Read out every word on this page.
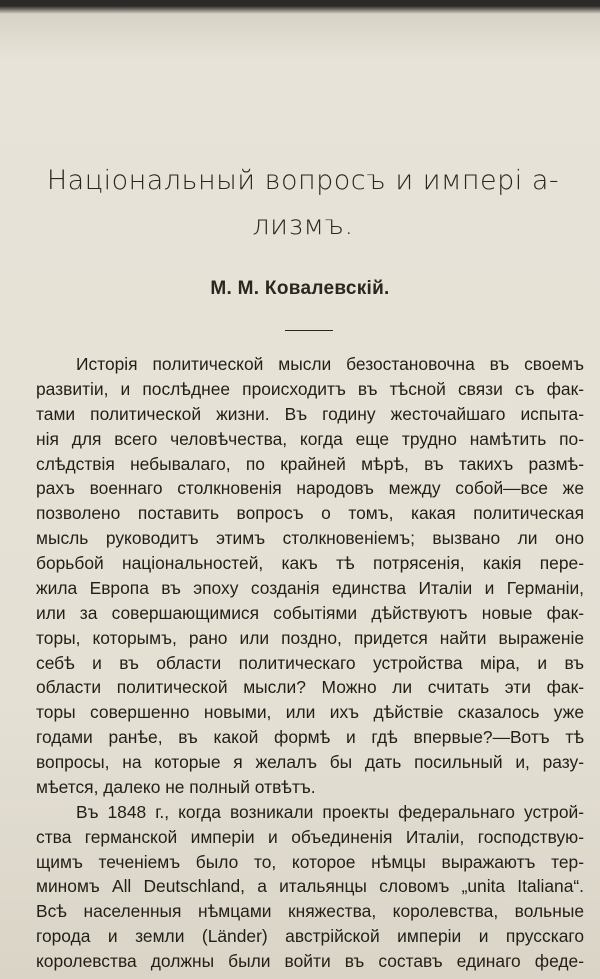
Національный вопросъ и импері а-
лизмъ.
М. М. Ковалевскій.
Исторія политической мысли безостановочна въ своемъ
развитіи, и послѣднее происходитъ въ тѣсной связи съ фак-
тами политической жизни. Въ годину жесточайшаго испыта-
нія для всего человѣчества, когда еще трудно намѣтить по-
слѣдствія небывалаго, по крайней мѣрѣ, въ такихъ размѣ-
рахъ военнаго столкновенія народовъ между собой—все же
позволено поставить вопросъ о томъ, какая политическая
мысль руководитъ этимъ столкновеніемъ; вызвано ли оно
борьбой національностей, какъ тѣ потрясенія, какія пере-
жила Европа въ эпоху созданія единства Италіи и Германіи,
или за совершающимися событіями дѣйствуютъ новые фак-
торы, которымъ, рано или поздно, придется найти выраженіе
себѣ и въ области политическаго устройства міра, и въ
области политической мысли? Можно ли считать эти фак-
торы совершенно новыми, или ихъ дѣйствіе сказалось уже
годами ранѣе, въ какой формѣ и гдѣ впервые?—Вотъ тѣ
вопросы, на которые я желалъ бы дать посильный и, разу-
мѣется, далеко не полный отвѣтъ.
Въ 1848 г., когда возникали проекты федеральнаго устрой-
ства германской имперіи и объединенія Италіи, господствую-
щимъ теченіемъ было то, которое нѣмцы выражаютъ тер-
миномъ All Deutschland, а итальянцы словомъ „unita Italiana“.
Всѣ населенныя нѣмцами княжества, королевства, вольные
города и земли (Länder) австрійской имперіи и прусскаго
королевства должны были войти въ составъ единаго феде-
